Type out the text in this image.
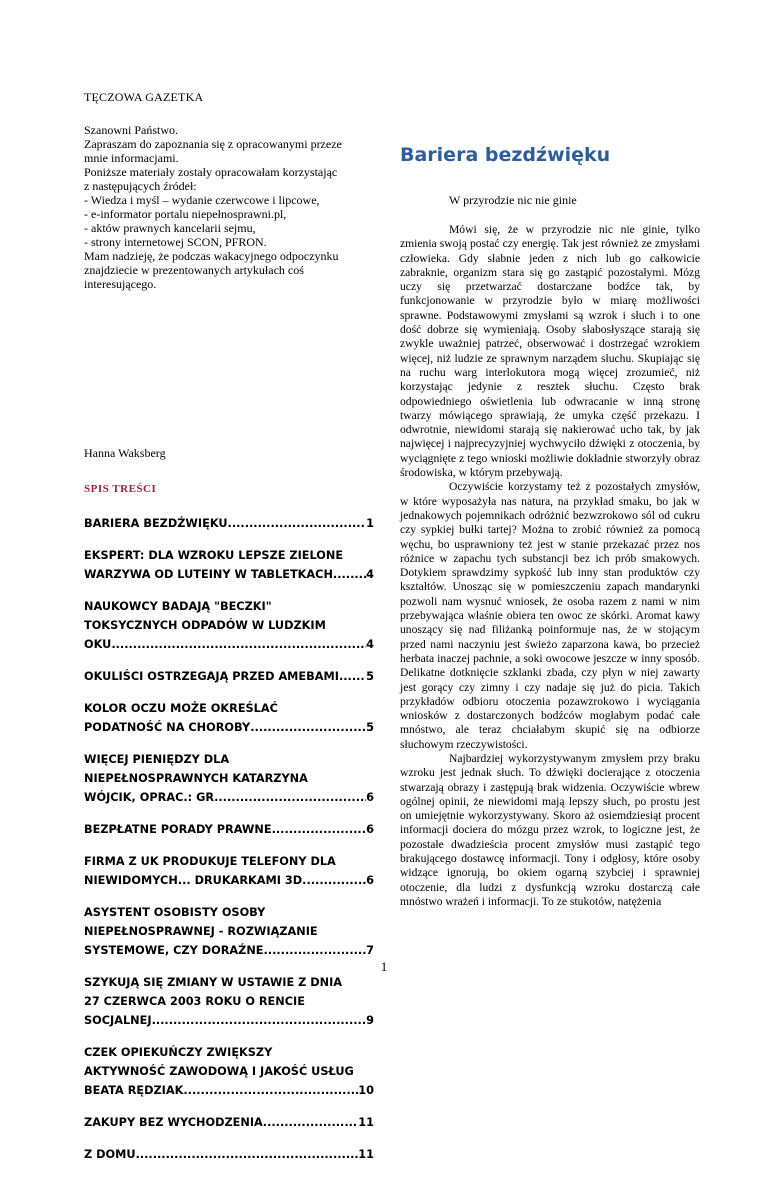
TĘCZOWA GAZETKA
Szanowni Państwo.
Zapraszam do zapoznania się z opracowanymi przeze
mnie informacjami.
Poniższe materiały zostały opracowałam korzystając
z następujących źródeł:
- Wiedza i myśl – wydanie czerwcowe i lipcowe,
- e-informator portalu niepełnosprawni.pl,
- aktów prawnych kancelarii sejmu,
- strony internetowej SCON, PFRON.
Mam nadzieję, że podczas wakacyjnego odpoczynku
znajdziecie w prezentowanych artykułach coś
interesującego.
Hanna Waksberg
SPIS TREŚCI
BARIERA BEZDŹWIĘKU .....	1
EKSPERT: DLA WZROKU LEPSZE ZIELONE
WARZYWA OD LUTEINY W TABLETKACH .....	4
NAUKOWCY BADAJĄ "BECZKI"
TOKSYCZNYCH ODPADÓW W LUDZKIM
OKU .....	4
OKULIŚCI OSTRZEGAJĄ PRZED AMEBAMI ..... 5
KOLOR OCZU MOŻE OKREŚLAĆ
PODATNOŚĆ NA CHOROBY .....	5
WIĘCEJ PIENIĘDZY DLA
NIEPEŁNOSPRAWNYCH KATARZYNA
WÓJCIK, OPRAC.: GR .....	6
BEZPŁATNE PORADY PRAWNE .....	6
FIRMA Z UK PRODUKUJE TELEFONY DLA
NIEWIDOMYCH... DRUKARKAMI 3D .....	6
ASYSTENT OSOBISTY OSOBY
NIEPEŁNOSPRAWNEJ - ROZWIĄZANIE
SYSTEMOWE, CZY DORAŹNE .....	7
SZYKUJĄ SIĘ ZMIANY W USTAWIE Z DNIA
27 CZERWCA 2003 ROKU O RENCIE
SOCJALNEJ .....	9
CZEK OPIEKUŃCZY ZWIĘKSZY
AKTYWNOŚĆ ZAWODOWĄ I JAKOŚĆ USŁUG
BEATA RĘDZIAK .....	10
ZAKUPY BEZ WYCHODZENIA .....	11
Z DOMU .....	11
Bariera bezdźwięku
W przyrodzie nic nie ginie

Mówi się, że w przyrodzie nic nie ginie, tylko zmienia swoją postać czy energię. Tak jest również ze zmysłami człowieka. Gdy słabnie jeden z nich lub go całkowicie zabraknie, organizm stara się go zastąpić pozostałymi. Mózg uczy się przetwarzać dostarczane bodźce tak, by funkcjonowanie w przyrodzie było w miarę możliwości sprawne. Podstawowymi zmysłami są wzrok i słuch i to one dość dobrze się wymieniają. Osoby słabosłyszące starają się zwykle uważniej patrzeć, obserwować i dostrzegać wzrokiem więcej, niż ludzie ze sprawnym narządem słuchu. Skupiając się na ruchu warg interlokutora mogą więcej zrozumieć, niż korzystając jedynie z resztek słuchu. Często brak odpowiedniego oświetlenia lub odwracanie w inną stronę twarzy mówiącego sprawiają, że umyka część przekazu. I odwrotnie, niewidomi starają się nakierować ucho tak, by jak najwięcej i najprecyzyjniej wychwyciło dźwięki z otoczenia, by wyciągnięte z tego wnioski możliwie dokładnie stworzyły obraz środowiska, w którym przebywają.

Oczywiście korzystamy też z pozostałych zmysłów, w które wyposażyła nas natura, na przykład smaku, bo jak w jednakowych pojemnikach odróżnić bezwzrokowo sól od cukru czy sypkiej bułki tartej? Można to zrobić również za pomocą węchu, bo usprawniony też jest w stanie przekazać przez nos różnice w zapachu tych substancji bez ich prób smakowych. Dotykiem sprawdzimy sypkość lub inny stan produktów czy kształtów. Unosząc się w pomieszczeniu zapach mandarynki pozwoli nam wysnuć wniosek, że osoba razem z nami w nim przebywająca właśnie obiera ten owoc ze skórki. Aromat kawy unoszący się nad filiżanką poinformuje nas, że w stojącym przed nami naczyniu jest świeżo zaparzona kawa, bo przecież herbata inaczej pachnie, a soki owocowe jeszcze w inny sposób. Delikatne dotknięcie szklanki zbada, czy płyn w niej zawarty jest gorący czy zimny i czy nadaje się już do picia. Takich przykładów odbioru otoczenia pozawzrokowo i wyciągania wniosków z dostarczonych bodźców mogłabym podać całe mnóstwo, ale teraz chciałabym skupić się na odbiorze słuchowym rzeczywistości.

Najbardziej wykorzystywanym zmysłem przy braku wzroku jest jednak słuch. To dźwięki docierające z otoczenia stwarzają obrazy i zastępują brak widzenia. Oczywiście wbrew ogólnej opinii, że niewidomi mają lepszy słuch, po prostu jest on umiejętnie wykorzystywany. Skoro aż osiemdziesiąt procent informacji dociera do mózgu przez wzrok, to logiczne jest, że pozostałe dwadzieścia procent zmysłów musi zastąpić tego brakującego dostawcę informacji. Tony i odgłosy, które osoby widzące ignorują, bo okiem ogarną szybciej i sprawniej otoczenie, dla ludzi z dysfunkcją wzroku dostarczą całe mnóstwo wrażeń i informacji. To ze stukotów, natężenia

1
